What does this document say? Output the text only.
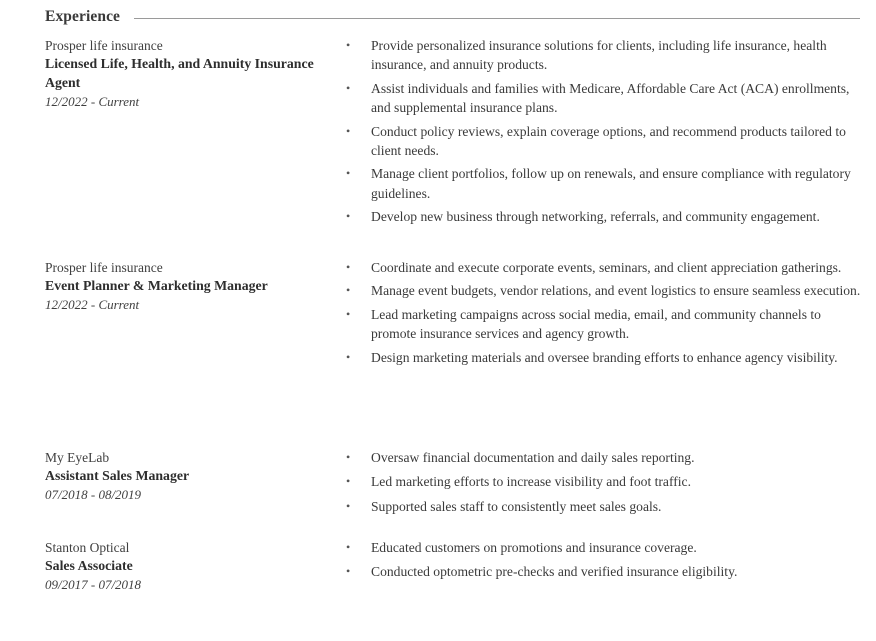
Experience
Prosper life insurance
Licensed Life, Health, and Annuity Insurance Agent
12/2022 - Current
• Provide personalized insurance solutions for clients, including life insurance, health insurance, and annuity products.
• Assist individuals and families with Medicare, Affordable Care Act (ACA) enrollments, and supplemental insurance plans.
• Conduct policy reviews, explain coverage options, and recommend products tailored to client needs.
• Manage client portfolios, follow up on renewals, and ensure compliance with regulatory guidelines.
• Develop new business through networking, referrals, and community engagement.
Prosper life insurance
Event Planner & Marketing Manager
12/2022 - Current
• Coordinate and execute corporate events, seminars, and client appreciation gatherings.
• Manage event budgets, vendor relations, and event logistics to ensure seamless execution.
• Lead marketing campaigns across social media, email, and community channels to promote insurance services and agency growth.
• Design marketing materials and oversee branding efforts to enhance agency visibility.
My EyeLab
Assistant Sales Manager
07/2018 - 08/2019
• Oversaw financial documentation and daily sales reporting.
• Led marketing efforts to increase visibility and foot traffic.
• Supported sales staff to consistently meet sales goals.
Stanton Optical
Sales Associate
09/2017 - 07/2018
• Educated customers on promotions and insurance coverage.
• Conducted optometric pre-checks and verified insurance eligibility.
